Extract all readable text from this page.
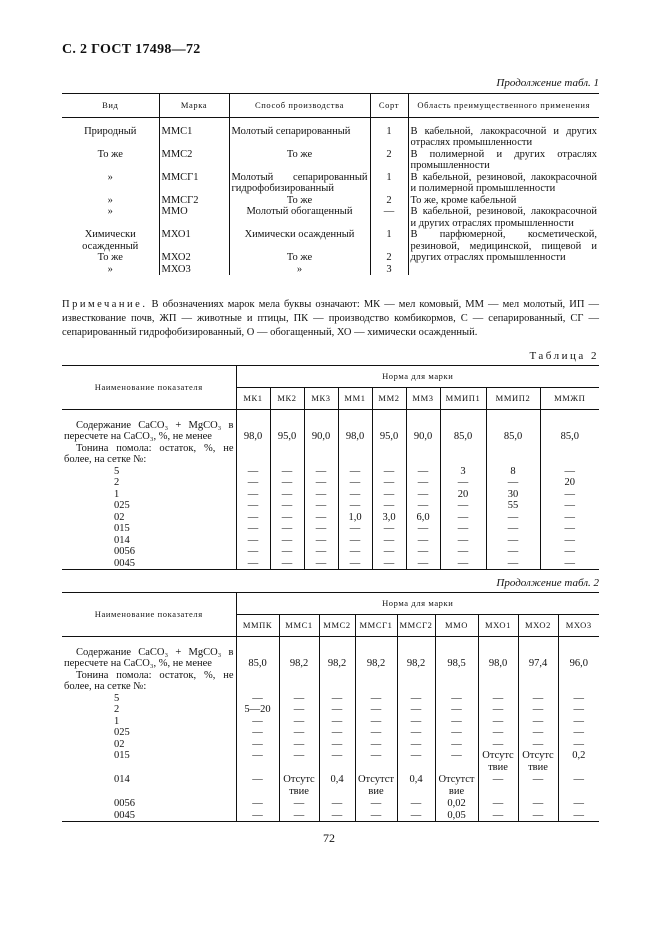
С. 2 ГОСТ 17498—72
Продолжение табл. 1
Вид	Марка	Способ производства	Сорт	Область преимущественного применения

Природный	ММС1	Молотый сепарированный	1	В кабельной, лакокрасочной и других отраслях промышленности
То же	ММС2	То же	2	В полимерной и других отраслях промышленности
»	ММСГ1	Молотый сепарированный гидрофобизированный	1	В кабельной, резиновой, лакокрасочной и полимерной промышленности
»	ММСГ2	То же	2	То же, кроме кабельной
»	ММО	Молотый обогащенный	—	В кабельной, резиновой, лакокрасочной и других отраслях промышленности
Химически осажденный	МХО1	Химически осажденный	1	В парфюмерной, косметической, резиновой, медицинской, пищевой и других отраслях промышленности
То же	МХО2	То же	2	
»	МХО3	»	3	
Примечание. В обозначениях марок мела буквы означают: МК — мел комовый, ММ — мел молотый, ИП — известкование почв, ЖП — животные и птицы, ПК — производство комбикормов, С — сепарированный, СГ — сепарированный гидрофобизированный, О — обогащенный, ХО — химически осажденный.
Таблица 2
Наименование показателя	Норма для марки								
	МК1	МК2	МК3	ММ1	ММ2	ММ3	ММИП1	ММИП2	ММЖП

Содержание CaCO₃ + MgCO₃ в пересчете на CaCO₃, %, не менее	98,0	95,0	90,0	98,0	95,0	90,0	85,0	85,0	85,0
Тонина помола: остаток, %, не более, на сетке №:									
5	—	—	—	—	—	—	3	8	—
2	—	—	—	—	—	—	—	—	20
1	—	—	—	—	—	—	20	30	—
025	—	—	—	—	—	—	—	55	—
02	—	—	—	1,0	3,0	6,0	—	—	—
015	—	—	—	—	—	—	—	—	—
014	—	—	—	—	—	—	—	—	—
0056	—	—	—	—	—	—	—	—	—
0045	—	—	—	—	—	—	—	—	—
Продолжение табл. 2
Наименование показателя	Норма для марки								
	ММПК	ММС1	ММС2	ММСГ1	ММСГ2	ММО	МХО1	МХО2	МХО3

Содержание CaCO₃ + MgCO₃ в пересчете на CaCO₃, %, не менее	85,0	98,2	98,2	98,2	98,2	98,5	98,0	97,4	96,0
Тонина помола: остаток, %, не более, на сетке №:									
5	—	—	—	—	—	—	—	—	—
2	5—20	—	—	—	—	—	—	—	—
1	—	—	—	—	—	—	—	—	—
025	—	—	—	—	—	—	—	—	—
02	—	—	—	—	—	—	—	—	—
015	—	—	—	—	—	—	Отсутствие	Отсутствие	0,2
014	—	Отсутствие	0,4	Отсутствие	0,4	Отсутствие	—	—	—
0056	—	—	—	—	—	0,02	—	—	—
0045	—	—	—	—	—	0,05	—	—	—
72
